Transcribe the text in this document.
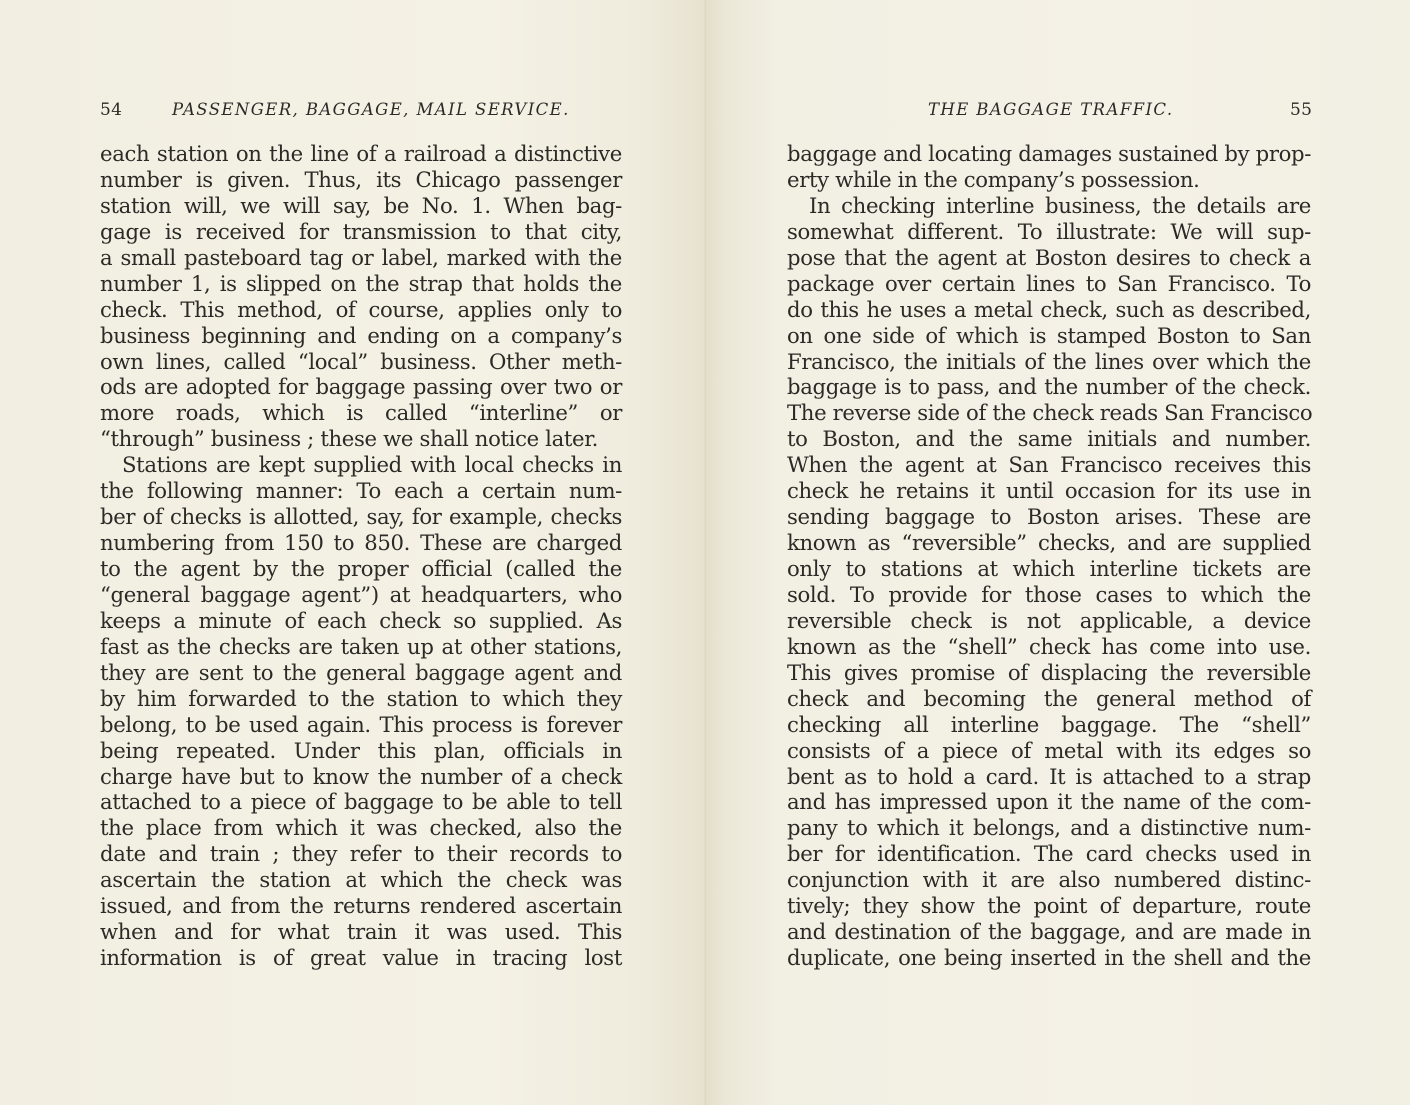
54	PASSENGER, BAGGAGE, MAIL SERVICE.	THE BAGGAGE TRAFFIC.	55
each station on the line of a railroad a distinctive
number is given. Thus, its Chicago passenger
station will, we will say, be No. 1. When bag-
gage is received for transmission to that city,
a small pasteboard tag or label, marked with the
number 1, is slipped on the strap that holds the
check. This method, of course, applies only to
business beginning and ending on a company’s
own lines, called “local” business. Other meth-
ods are adopted for baggage passing over two or
more roads, which is called “interline” or
“through” business ; these we shall notice later.
Stations are kept supplied with local checks in
the following manner: To each a certain num-
ber of checks is allotted, say, for example, checks
numbering from 150 to 850. These are charged
to the agent by the proper official (called the
“general baggage agent”) at headquarters, who
keeps a minute of each check so supplied. As
fast as the checks are taken up at other stations,
they are sent to the general baggage agent and
by him forwarded to the station to which they
belong, to be used again. This process is forever
being repeated. Under this plan, officials in
charge have but to know the number of a check
attached to a piece of baggage to be able to tell
the place from which it was checked, also the
date and train ; they refer to their records to
ascertain the station at which the check was
issued, and from the returns rendered ascertain
when and for what train it was used. This
information is of great value in tracing lost
baggage and locating damages sustained by prop-
erty while in the company’s possession.
In checking interline business, the details are
somewhat different. To illustrate: We will sup-
pose that the agent at Boston desires to check a
package over certain lines to San Francisco. To
do this he uses a metal check, such as described,
on one side of which is stamped Boston to San
Francisco, the initials of the lines over which the
baggage is to pass, and the number of the check.
The reverse side of the check reads San Francisco
to Boston, and the same initials and number.
When the agent at San Francisco receives this
check he retains it until occasion for its use in
sending baggage to Boston arises. These are
known as “reversible” checks, and are supplied
only to stations at which interline tickets are
sold. To provide for those cases to which the
reversible check is not applicable, a device
known as the “shell” check has come into use.
This gives promise of displacing the reversible
check and becoming the general method of
checking all interline baggage. The “shell”
consists of a piece of metal with its edges so
bent as to hold a card. It is attached to a strap
and has impressed upon it the name of the com-
pany to which it belongs, and a distinctive num-
ber for identification. The card checks used in
conjunction with it are also numbered distinc-
tively; they show the point of departure, route
and destination of the baggage, and are made in
duplicate, one being inserted in the shell and the
